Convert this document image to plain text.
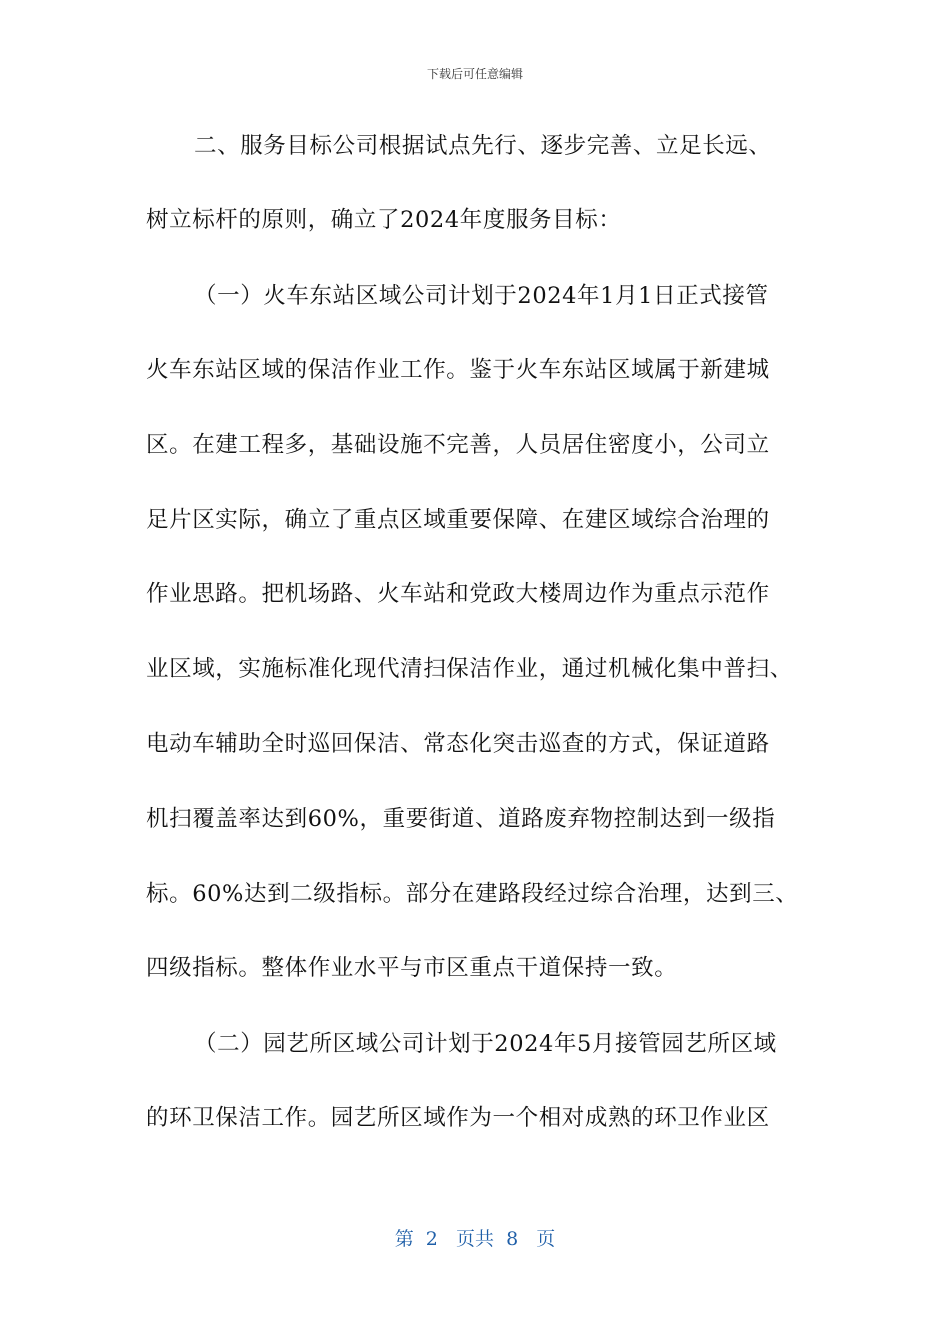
下载后可任意编辑
二、服务目标公司根据试点先行、逐步完善、立足长远、
树立标杆的原则，确立了2024年度服务目标：
（一）火车东站区域公司计划于2024年1月1日正式接管
火车东站区域的保洁作业工作。鉴于火车东站区域属于新建城
区。在建工程多，基础设施不完善，人员居住密度小，公司立
足片区实际，确立了重点区域重要保障、在建区域综合治理的
作业思路。把机场路、火车站和党政大楼周边作为重点示范作
业区域，实施标准化现代清扫保洁作业，通过机械化集中普扫、
电动车辅助全时巡回保洁、常态化突击巡查的方式，保证道路
机扫覆盖率达到60%，重要街道、道路废弃物控制达到一级指
标。60%达到二级指标。部分在建路段经过综合治理，达到三、
四级指标。整体作业水平与市区重点干道保持一致。
（二）园艺所区域公司计划于2024年5月接管园艺所区域
的环卫保洁工作。园艺所区域作为一个相对成熟的环卫作业区
第  2   页共  8   页
